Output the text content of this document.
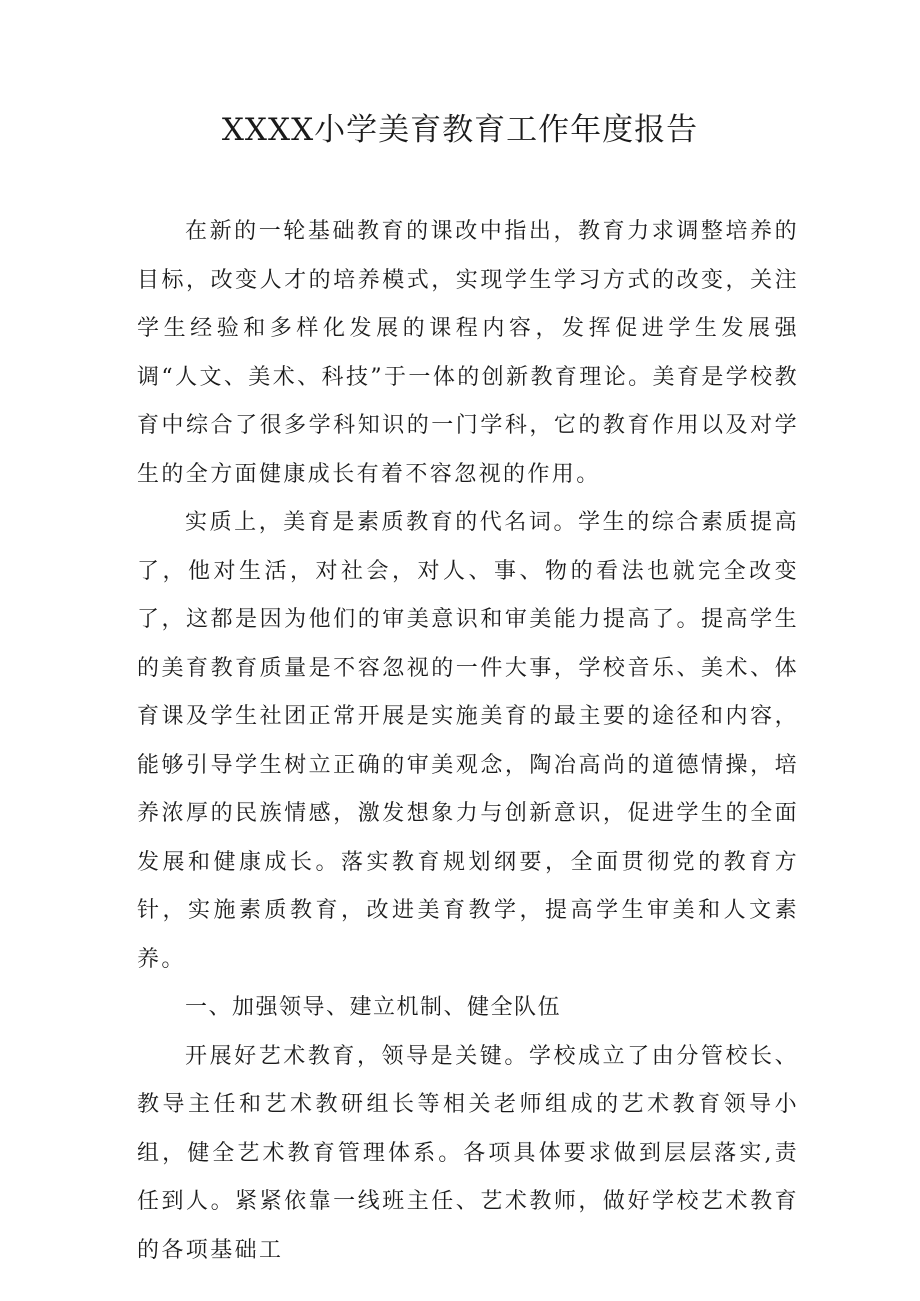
XXXX小学美育教育工作年度报告

在新的一轮基础教育的课改中指出，教育力求调整培养的目标，改变人才的培养模式，实现学生学习方式的改变，关注学生经验和多样化发展的课程内容，发挥促进学生发展强调“人文、美术、科技”于一体的创新教育理论。美育是学校教育中综合了很多学科知识的一门学科，它的教育作用以及对学生的全方面健康成长有着不容忽视的作用。

实质上，美育是素质教育的代名词。学生的综合素质提高了，他对生活，对社会，对人、事、物的看法也就完全改变了，这都是因为他们的审美意识和审美能力提高了。提高学生的美育教育质量是不容忽视的一件大事，学校音乐、美术、体育课及学生社团正常开展是实施美育的最主要的途径和内容，能够引导学生树立正确的审美观念，陶冶高尚的道德情操，培养浓厚的民族情感，激发想象力与创新意识，促进学生的全面发展和健康成长。落实教育规划纲要，全面贯彻党的教育方针，实施素质教育，改进美育教学，提高学生审美和人文素养。

一、加强领导、建立机制、健全队伍

开展好艺术教育，领导是关键。学校成立了由分管校长、教导主任和艺术教研组长等相关老师组成的艺术教育领导小组，健全艺术教育管理体系。各项具体要求做到层层落实,责任到人。紧紧依靠一线班主任、艺术教师，做好学校艺术教育的各项基础工
